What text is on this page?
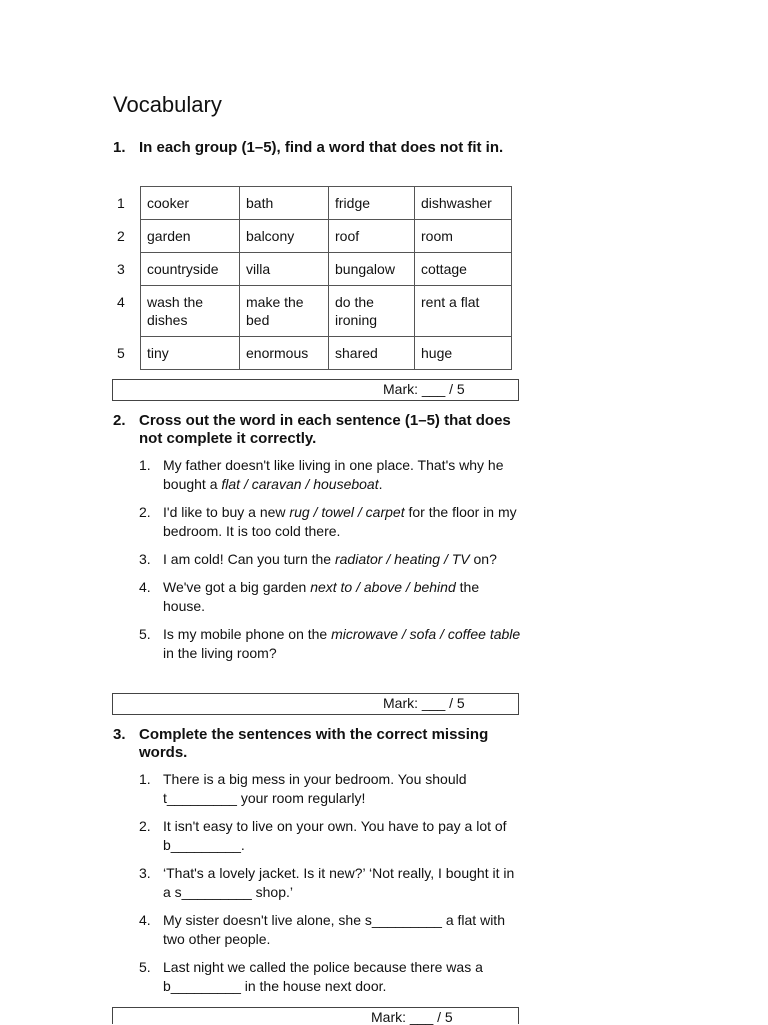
Vocabulary
1. In each group (1–5), find a word that does not fit in.
1	cooker	bath	fridge	dishwasher
2	garden	balcony	roof	room
3	countryside	villa	bungalow	cottage
4	wash the dishes	make the bed	do the ironing	rent a flat
5	tiny	enormous	shared	huge
Mark: ___ / 5
2. Cross out the word in each sentence (1–5) that does not complete it correctly.
1. My father doesn't like living in one place. That's why he bought a flat / caravan / houseboat.
2. I'd like to buy a new rug / towel / carpet for the floor in my bedroom. It is too cold there.
3. I am cold! Can you turn the radiator / heating / TV on?
4. We've got a big garden next to / above / behind the house.
5. Is my mobile phone on the microwave / sofa / coffee table in the living room?
Mark: ___ / 5
3. Complete the sentences with the correct missing words.
1. There is a big mess in your bedroom. You should t_________ your room regularly!
2. It isn't easy to live on your own. You have to pay a lot of b_________.
3. ‘That's a lovely jacket. Is it new?’ ‘Not really, I bought it in a s_________ shop.’
4. My sister doesn't live alone, she s_________ a flat with two other people.
5. Last night we called the police because there was a b_________ in the house next door.
Mark: ___ / 5
